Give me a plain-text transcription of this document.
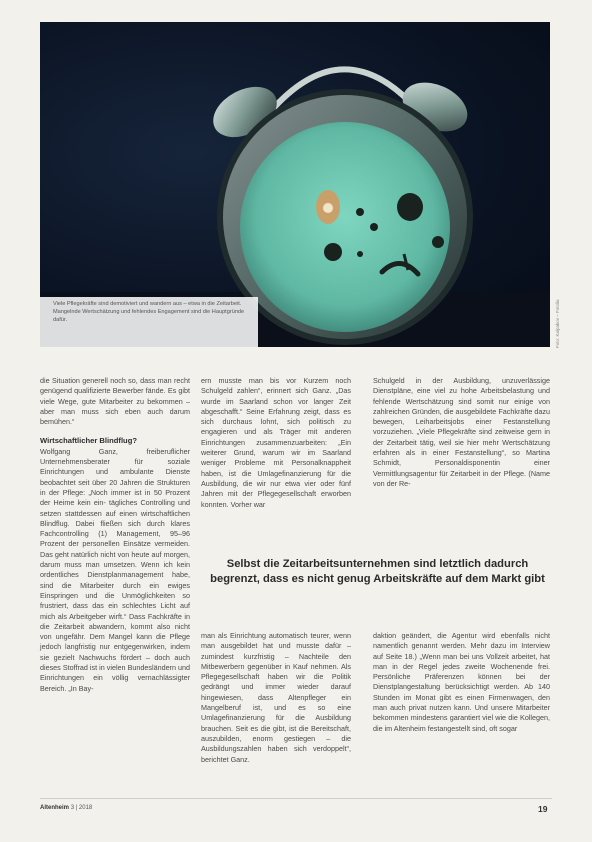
Viele Pflegekräfte sind demotiviert und wandern aus – etwa in die Zeitarbeit. Mangelnde Wertschätzung und fehlendes Engagement sind die Hauptgründe dafür.	Foto: Kalpakov – Fotolia

die Situation generell noch so, dass man recht genügend qualifizierte Bewerber fände. Es gibt viele Wege, gute Mitarbeiter zu bekommen – aber man muss sich eben auch darum bemühen.“

Wirtschaftlicher Blindflug?

Wolfgang Ganz, freiberuflicher Unternehmensberater für soziale Einrichtungen und ambulante Dienste beobachtet seit über 20 Jahren die Strukturen in der Pflege: „Noch immer ist in 50 Prozent der Heime kein ein- tägliches Controlling und setzen stattdessen auf einen wirtschaftlichen Blindflug. Dabei fließen sich durch klares Fachcontrolling (1) Management, 95–96 Prozent der personellen Einsätze vermeiden. Das geht natürlich nicht von heute auf morgen, darum muss man umsetzen. Wenn ich kein ordentliches Dienstplanmanagement habe, sind die Mitarbeiter durch ein ewiges Einspringen und die Unmöglichkeiten so frustriert, dass das ein schlechtes Licht auf mich als Arbeitgeber wirft.“ Dass Fachkräfte in die Zeitarbeit abwandern, kommt also nicht von ungefähr. Dem Mangel kann die Pflege jedoch langfristig nur entgegenwirken, indem sie gezielt Nachwuchs fördert – doch auch dieses Stoffrad ist in vielen Bundesländern und Einrichtungen ein völlig vernachlässigter Bereich. „In Bay-

ern musste man bis vor Kurzem noch Schulgeld zahlen“, erinnert sich Ganz. „Das wurde im Saarland schon vor langer Zeit abgeschafft.“ Seine Erfahrung zeigt, dass es sich durchaus lohnt, sich politisch zu engagieren und als Träger mit anderen Einrichtungen zusammenzuarbeiten: „Ein weiterer Grund, warum wir im Saarland weniger Probleme mit Personalknappheit haben, ist die Umlagefinanzierung für die Ausbildung, die wir nur etwa vier oder fünf Jahren mit der Pflegegesellschaft erworben konnten. Vorher war

Schulgeld in der Ausbildung, unzuverlässige Dienstpläne, eine viel zu hohe Arbeitsbelastung und fehlende Wertschätzung sind somit nur einige von zahlreichen Gründen, die ausgebildete Fachkräfte dazu bewegen, Leiharbeitsjobs einer Festanstellung vorzuziehen. „Viele Pflegekräfte sind zeitweise gern in der Zeitarbeit tätig, weil sie hier mehr Wertschätzung erfahren als in einer Festanstellung“, so Martina Schmidt, Personaldisponentin einer Vermittlungsagentur für Zeitarbeit in der Pflege. (Name von der Re-

Selbst die Zeitarbeitsunternehmen sind letztlich dadurch begrenzt, dass es nicht genug Arbeitskräfte auf dem Markt gibt

man als Einrichtung automatisch teurer, wenn man ausgebildet hat und musste dafür – zumindest kurzfristig – Nachteile den Mitbewerbern gegenüber in Kauf nehmen. Als Pflegegesellschaft haben wir die Politik gedrängt und immer wieder darauf hingewiesen, dass Altenpfleger ein Mangelberuf ist, und es so eine Umlagefinanzierung für die Ausbildung brauchen. Seit es die gibt, ist die Bereitschaft, auszubilden, enorm gestiegen – die Ausbildungszahlen haben sich verdoppelt“, berichtet Ganz.

daktion geändert, die Agentur wird ebenfalls nicht namentlich genannt werden. Mehr dazu im Interview auf Seite 18.) „Wenn man bei uns Vollzeit arbeitet, hat man in der Regel jedes zweite Wochenende frei. Persönliche Präferenzen können bei der Dienstplangestaltung berücksichtigt werden. Ab 140 Stunden im Monat gibt es einen Firmenwagen, den man auch privat nutzen kann. Und unsere Mitarbeiter bekommen mindestens garantiert viel wie die Kollegen, die im Altenheim festangestellt sind, oft sogar

Altenheim 3 | 2018	19
